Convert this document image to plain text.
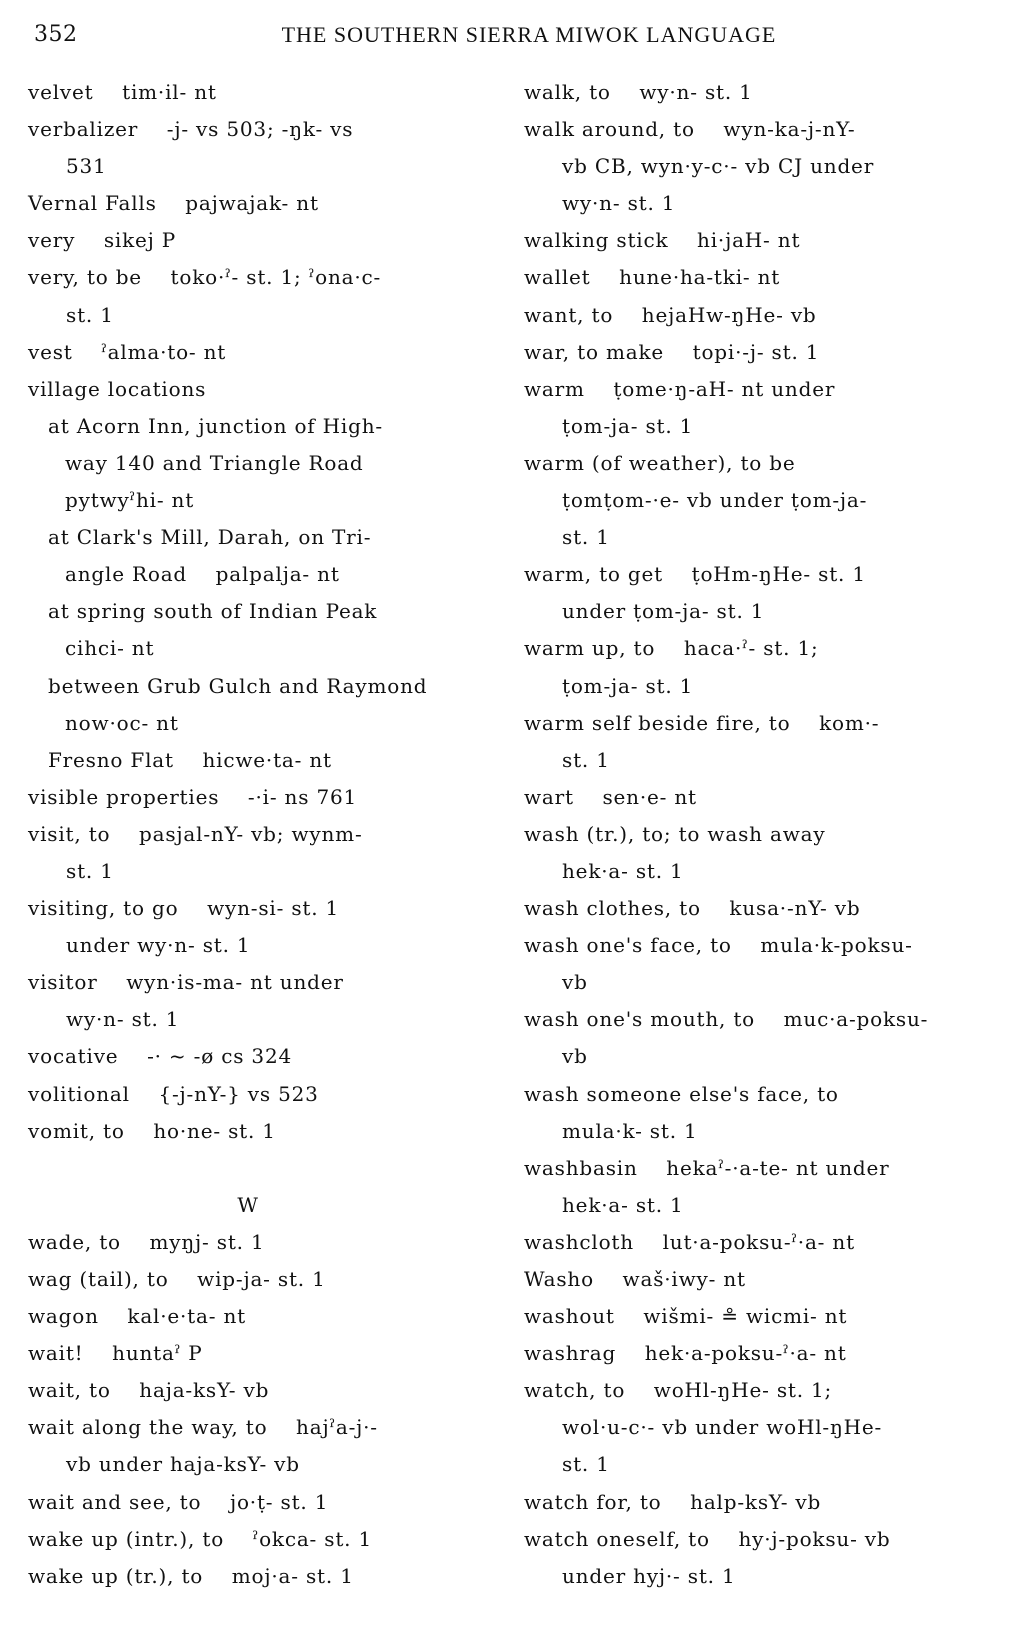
352	THE SOUTHERN SIERRA MIWOK LANGUAGE
velvet    tim·il- nt
verbalizer    -j- vs 503; -ŋk- vs
531
Vernal Falls    pajwajak- nt
very    sikej P
very, to be    toko·ˀ- st. 1; ˀona·c-
st. 1
vest    ˀalma·to- nt
village locations
at Acorn Inn, junction of High-
way 140 and Triangle Road
pytwyˀhi- nt
at Clark's Mill, Darah, on Tri-
angle Road    palpalja- nt
at spring south of Indian Peak
cihci- nt
between Grub Gulch and Raymond
now·oc- nt
Fresno Flat    hicwe·ta- nt
visible properties    -·i- ns 761
visit, to    pasjal-nY- vb; wynm-
st. 1
visiting, to go    wyn-si- st. 1
under wy·n- st. 1
visitor    wyn·is-ma- nt under
wy·n- st. 1
vocative    -· ~ -ø cs 324
volitional    {-j-nY-} vs 523
vomit, to    ho·ne- st. 1
W
wade, to    myŋj- st. 1
wag (tail), to    wip-ja- st. 1
wagon    kal·e·ta- nt
wait!    huntaˀ P
wait, to    haja-ksY- vb
wait along the way, to    hajˀa-j·-
vb under haja-ksY- vb
wait and see, to    jo·ṭ- st. 1
wake up (intr.), to    ˀokca- st. 1
wake up (tr.), to    moj·a- st. 1
walk, to    wy·n- st. 1
walk around, to    wyn-ka-j-nY-
vb CB, wyn·y-c·- vb CJ under
wy·n- st. 1
walking stick    hi·jaH- nt
wallet    hune·ha-tki- nt
want, to    hejaHw-ŋHe- vb
war, to make    topi·-j- st. 1
warm    ṭome·ŋ-aH- nt under
ṭom-ja- st. 1
warm (of weather), to be
ṭomṭom-·e- vb under ṭom-ja-
st. 1
warm, to get    ṭoHm-ŋHe- st. 1
under ṭom-ja- st. 1
warm up, to    haca·ˀ- st. 1;
ṭom-ja- st. 1
warm self beside fire, to    kom·-
st. 1
wart    sen·e- nt
wash (tr.), to; to wash away
hek·a- st. 1
wash clothes, to    kusa·-nY- vb
wash one's face, to    mula·k-poksu-
vb
wash one's mouth, to    muc·a-poksu-
vb
wash someone else's face, to
mula·k- st. 1
washbasin    hekaˀ-·a-te- nt under
hek·a- st. 1
washcloth    lut·a-poksu-ˀ·a- nt
Washo    waš·iwy- nt
washout    wišmi- ≗ wicmi- nt
washrag    hek·a-poksu-ˀ·a- nt
watch, to    woHl-ŋHe- st. 1;
wol·u-c·- vb under woHl-ŋHe-
st. 1
watch for, to    halp-ksY- vb
watch oneself, to    hy·j-poksu- vb
under hyj·- st. 1
